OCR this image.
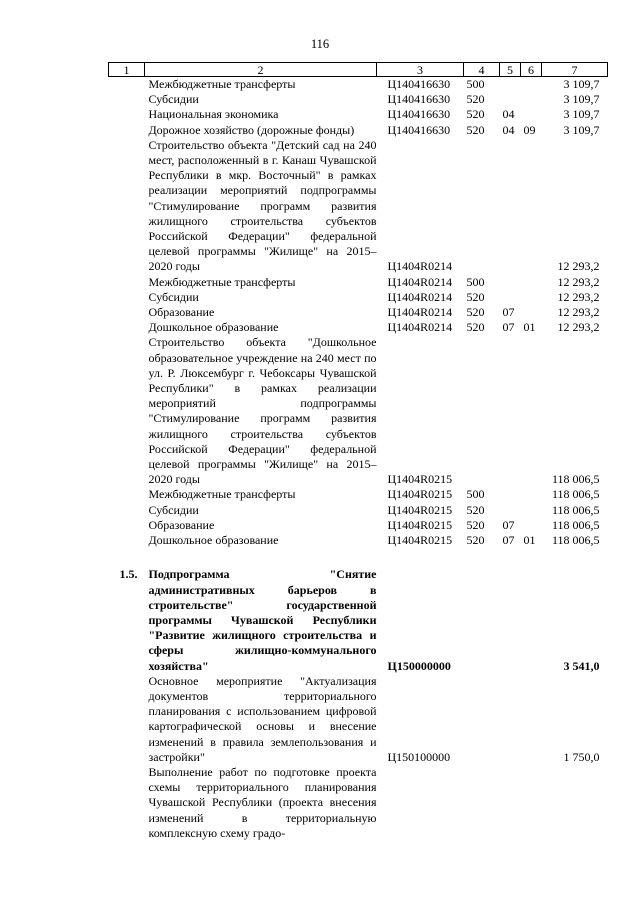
116
1	2	3	4	5	6	7
	Межбюджетные трансферты	Ц140416630	500			3 109,7
	Субсидии	Ц140416630	520			3 109,7
	Национальная экономика	Ц140416630	520	04		3 109,7
	Дорожное хозяйство (дорожные фонды)	Ц140416630	520	04	09	3 109,7
	Строительство объекта "Детский сад на 240 мест, расположенный в г. Канаш Чувашской Республики в мкр. Восточный" в рамках реализации мероприятий подпрограммы "Стимулирование программ развития жилищного строительства субъектов Российской Федерации" федеральной целевой программы "Жилище" на 2015–2020 годы	Ц1404R0214				12 293,2
	Межбюджетные трансферты	Ц1404R0214	500			12 293,2
	Субсидии	Ц1404R0214	520			12 293,2
	Образование	Ц1404R0214	520	07		12 293,2
	Дошкольное образование	Ц1404R0214	520	07	01	12 293,2
	Строительство объекта "Дошкольное образовательное учреждение на 240 мест по ул. Р. Люксембург г. Чебоксары Чувашской Республики" в рамках реализации мероприятий подпрограммы "Стимулирование программ развития жилищного строительства субъектов Российской Федерации" федеральной целевой программы "Жилище" на 2015–2020 годы	Ц1404R0215				118 006,5
	Межбюджетные трансферты	Ц1404R0215	500			118 006,5
	Субсидии	Ц1404R0215	520			118 006,5
	Образование	Ц1404R0215	520	07		118 006,5
	Дошкольное образование	Ц1404R0215	520	07	01	118 006,5

1.5.	Подпрограмма "Снятие административных барьеров в строительстве" государственной программы Чувашской Республики "Развитие жилищного строительства и сферы жилищно-коммунального хозяйства"	Ц150000000				3 541,0
	Основное мероприятие "Актуализация документов территориального планирования с использованием цифровой картографической основы и внесение изменений в правила землепользования и застройки"	Ц150100000				1 750,0
	Выполнение работ по подготовке проекта схемы территориального планирования Чувашской Республики (проекта внесения изменений в территориальную комплексную схему градо-					
